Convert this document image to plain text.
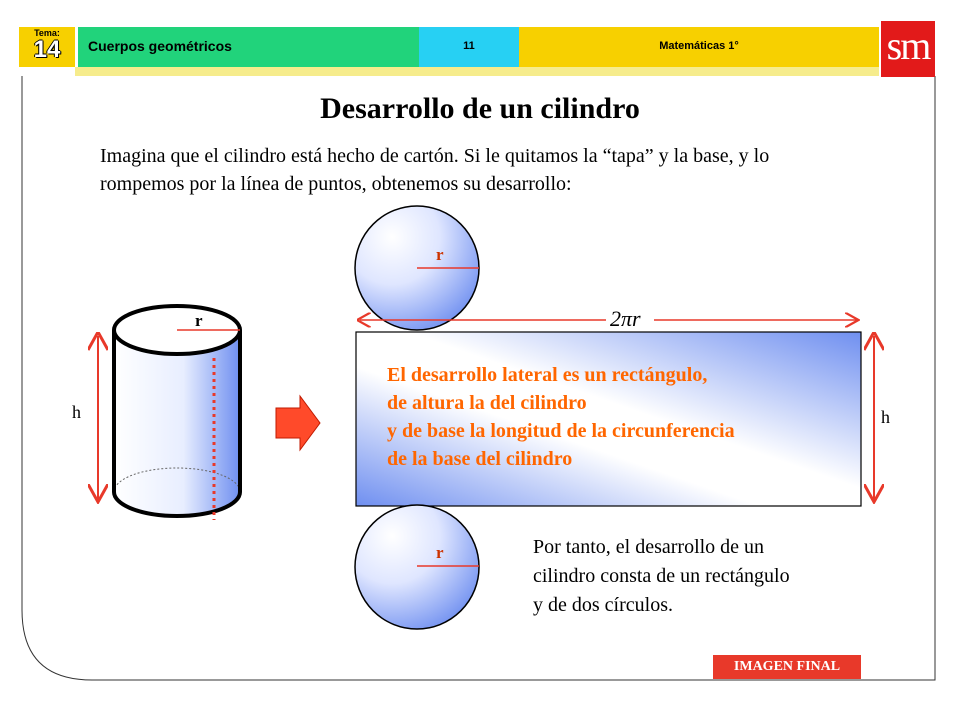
Tema:
14	Cuerpos geométricos	11	Matemáticas 1°	sm
Desarrollo de un cilindro
Imagina que el cilindro está hecho de cartón. Si le quitamos la “tapa” y la base, y lo rompemos por la línea de puntos, obtenemos su desarrollo:
r
h	h
r
r
2πr
El desarrollo lateral es un rectángulo,
de altura la del cilindro
y de base la longitud de la circunferencia
de la base del cilindro
Por tanto, el desarrollo de un
cilindro consta de un rectángulo
y de dos círculos.
IMAGEN FINAL
